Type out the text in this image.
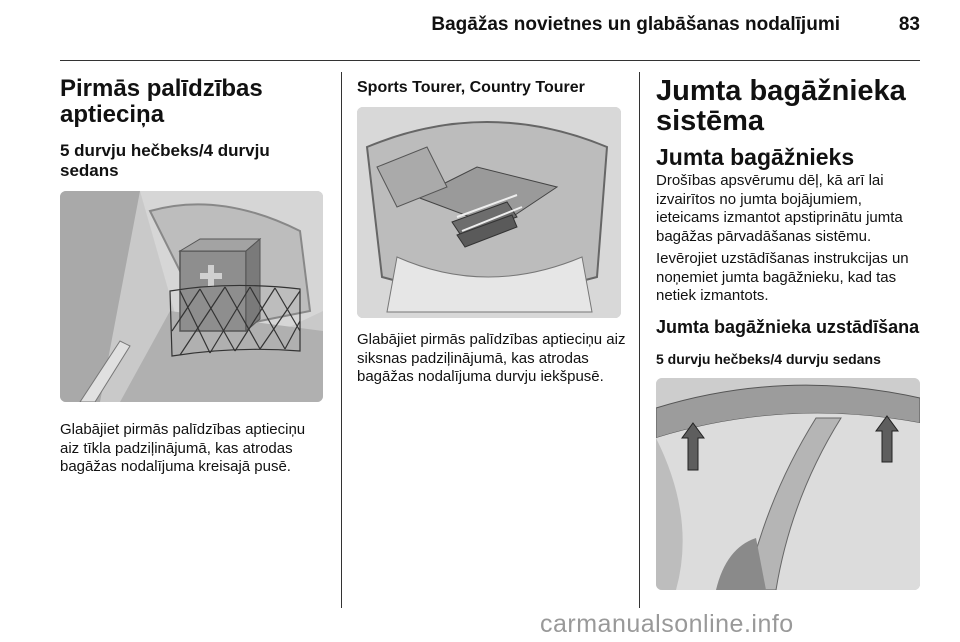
Bagāžas novietnes un glabāšanas nodalījumi	83
Pirmās palīdzības aptieciņa
5 durvju hečbeks/4 durvju sedans
Glabājiet pirmās palīdzības aptieciņu aiz tīkla padziļinājumā, kas atrodas bagāžas nodalījuma kreisajā pusē.
Sports Tourer, Country Tourer
Glabājiet pirmās palīdzības aptieciņu aiz siksnas padziļinājumā, kas atrodas bagāžas nodalījuma durvju iekšpusē.
Jumta bagāžnieka sistēma
Jumta bagāžnieks
Drošības apsvērumu dēļ, kā arī lai izvairītos no jumta bojājumiem, ieteicams izmantot apstiprinātu jumta bagāžas pārvadāšanas sistēmu.
Ievērojiet uzstādīšanas instrukcijas un noņemiet jumta bagāžnieku, kad tas netiek izmantots.
Jumta bagāžnieka uzstādīšana
5 durvju hečbeks/4 durvju sedans
carmanualsonline.info
